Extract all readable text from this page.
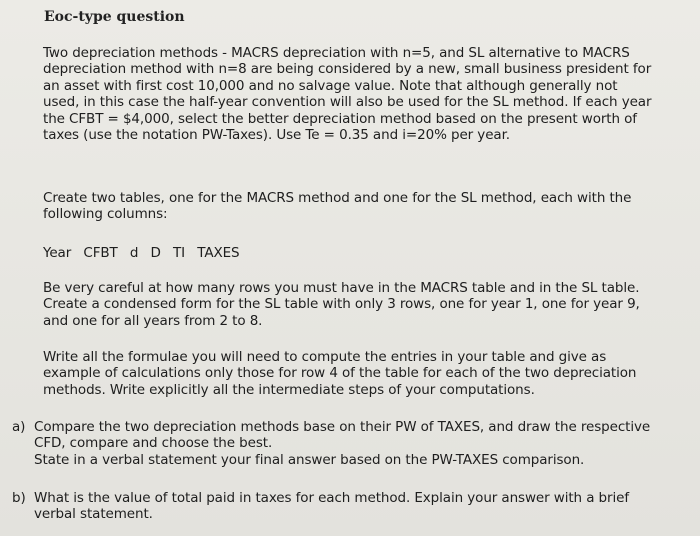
Eoc-type question

Two depreciation methods - MACRS depreciation with n=5, and SL alternative to MACRS depreciation method with n=8 are being considered by a new, small business president for an asset with first cost 10,000 and no salvage value. Note that although generally not used, in this case the half-year convention will also be used for the SL method. If each year the CFBT = $4,000, select the better depreciation method based on the present worth of taxes (use the notation PW-Taxes). Use Te = 0.35 and i=20% per year.

Create two tables, one for the MACRS method and one for the SL method, each with the following columns:

Year CFBT d D TI TAXES

Be very careful at how many rows you must have in the MACRS table and in the SL table. Create a condensed form for the SL table with only 3 rows, one for year 1, one for year 9, and one for all years from 2 to 8.

Write all the formulae you will need to compute the entries in your table and give as example of calculations only those for row 4 of the table for each of the two depreciation methods. Write explicitly all the intermediate steps of your computations.

a) Compare the two depreciation methods base on their PW of TAXES, and draw the respective CFD, compare and choose the best.

State in a verbal statement your final answer based on the PW-TAXES comparison.

b) What is the value of total paid in taxes for each method. Explain your answer with a brief verbal statement.
